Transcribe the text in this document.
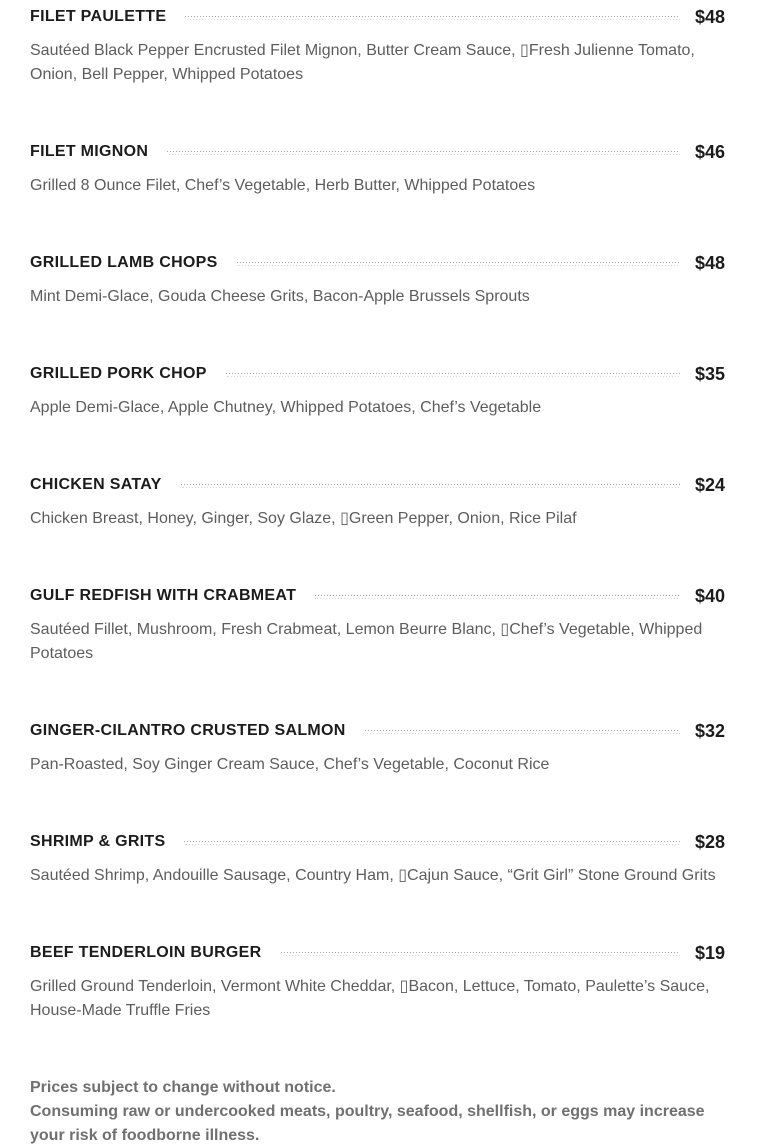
FILET PAULETTE	$48
Sautéed Black Pepper Encrusted Filet Mignon, Butter Cream Sauce, ▯Fresh Julienne Tomato, Onion, Bell Pepper, Whipped Potatoes
FILET MIGNON	$46
Grilled 8 Ounce Filet, Chef’s Vegetable, Herb Butter, Whipped Potatoes
GRILLED LAMB CHOPS	$48
Mint Demi-Glace, Gouda Cheese Grits, Bacon-Apple Brussels Sprouts
GRILLED PORK CHOP	$35
Apple Demi-Glace, Apple Chutney, Whipped Potatoes, Chef’s Vegetable
CHICKEN SATAY	$24
Chicken Breast, Honey, Ginger, Soy Glaze, ▯Green Pepper, Onion, Rice Pilaf
GULF REDFISH WITH CRABMEAT	$40
Sautéed Fillet, Mushroom, Fresh Crabmeat, Lemon Beurre Blanc, ▯Chef’s Vegetable, Whipped Potatoes
GINGER-CILANTRO CRUSTED SALMON	$32
Pan-Roasted, Soy Ginger Cream Sauce, Chef’s Vegetable, Coconut Rice
SHRIMP & GRITS	$28
Sautéed Shrimp, Andouille Sausage, Country Ham, ▯Cajun Sauce, “Grit Girl” Stone Ground Grits
BEEF TENDERLOIN BURGER	$19
Grilled Ground Tenderloin, Vermont White Cheddar, ▯Bacon, Lettuce, Tomato, Paulette’s Sauce, House-Made Truffle Fries
Prices subject to change without notice.
Consuming raw or undercooked meats, poultry, seafood, shellfish, or eggs may increase your risk of foodborne illness.
